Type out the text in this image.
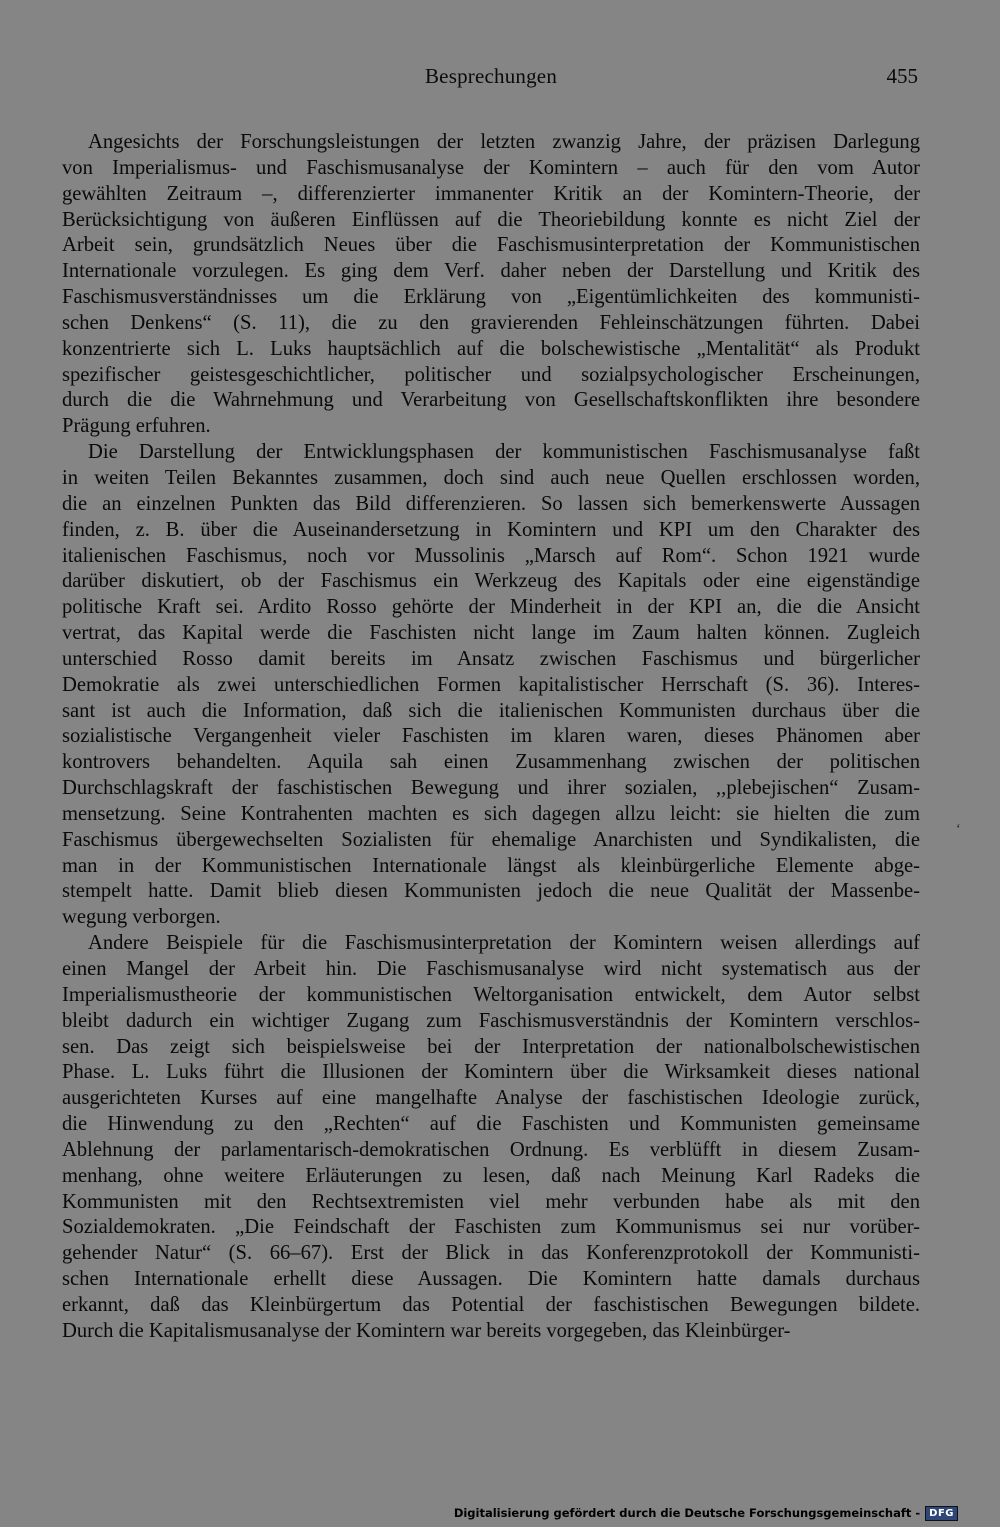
Besprechungen	455
Angesichts der Forschungsleistungen der letzten zwanzig Jahre, der präzisen Darlegung
von Imperialismus- und Faschismusanalyse der Komintern – auch für den vom Autor
gewählten Zeitraum –, differenzierter immanenter Kritik an der Komintern-Theorie, der
Berücksichtigung von äußeren Einflüssen auf die Theoriebildung konnte es nicht Ziel der
Arbeit sein, grundsätzlich Neues über die Faschismusinterpretation der Kommunistischen
Internationale vorzulegen. Es ging dem Verf. daher neben der Darstellung und Kritik des
Faschismusverständnisses um die Erklärung von „Eigentümlichkeiten des kommunisti-
schen Denkens“ (S. 11), die zu den gravierenden Fehleinschätzungen führten. Dabei
konzentrierte sich L. Luks hauptsächlich auf die bolschewistische „Mentalität“ als Produkt
spezifischer geistesgeschichtlicher, politischer und sozialpsychologischer Erscheinungen,
durch die die Wahrnehmung und Verarbeitung von Gesellschaftskonflikten ihre besondere
Prägung erfuhren.
Die Darstellung der Entwicklungsphasen der kommunistischen Faschismusanalyse faßt
in weiten Teilen Bekanntes zusammen, doch sind auch neue Quellen erschlossen worden,
die an einzelnen Punkten das Bild differenzieren. So lassen sich bemerkenswerte Aussagen
finden, z. B. über die Auseinandersetzung in Komintern und KPI um den Charakter des
italienischen Faschismus, noch vor Mussolinis „Marsch auf Rom“. Schon 1921 wurde
darüber diskutiert, ob der Faschismus ein Werkzeug des Kapitals oder eine eigenständige
politische Kraft sei. Ardito Rosso gehörte der Minderheit in der KPI an, die die Ansicht
vertrat, das Kapital werde die Faschisten nicht lange im Zaum halten können. Zugleich
unterschied Rosso damit bereits im Ansatz zwischen Faschismus und bürgerlicher
Demokratie als zwei unterschiedlichen Formen kapitalistischer Herrschaft (S. 36). Interes-
sant ist auch die Information, daß sich die italienischen Kommunisten durchaus über die
sozialistische Vergangenheit vieler Faschisten im klaren waren, dieses Phänomen aber
kontrovers behandelten. Aquila sah einen Zusammenhang zwischen der politischen
Durchschlagskraft der faschistischen Bewegung und ihrer sozialen, ,,plebejischen“ Zusam-
mensetzung. Seine Kontrahenten machten es sich dagegen allzu leicht: sie hielten die zum
Faschismus übergewechselten Sozialisten für ehemalige Anarchisten und Syndikalisten, die
man in der Kommunistischen Internationale längst als kleinbürgerliche Elemente abge-
stempelt hatte. Damit blieb diesen Kommunisten jedoch die neue Qualität der Massenbe-
wegung verborgen.
Andere Beispiele für die Faschismusinterpretation der Komintern weisen allerdings auf
einen Mangel der Arbeit hin. Die Faschismusanalyse wird nicht systematisch aus der
Imperialismustheorie der kommunistischen Weltorganisation entwickelt, dem Autor selbst
bleibt dadurch ein wichtiger Zugang zum Faschismusverständnis der Komintern verschlos-
sen. Das zeigt sich beispielsweise bei der Interpretation der nationalbolschewistischen
Phase. L. Luks führt die Illusionen der Komintern über die Wirksamkeit dieses national
ausgerichteten Kurses auf eine mangelhafte Analyse der faschistischen Ideologie zurück,
die Hinwendung zu den „Rechten“ auf die Faschisten und Kommunisten gemeinsame
Ablehnung der parlamentarisch-demokratischen Ordnung. Es verblüfft in diesem Zusam-
menhang, ohne weitere Erläuterungen zu lesen, daß nach Meinung Karl Radeks die
Kommunisten mit den Rechtsextremisten viel mehr verbunden habe als mit den
Sozialdemokraten. „Die Feindschaft der Faschisten zum Kommunismus sei nur vorüber-
gehender Natur“ (S. 66–67). Erst der Blick in das Konferenzprotokoll der Kommunisti-
schen Internationale erhellt diese Aussagen. Die Komintern hatte damals durchaus
erkannt, daß das Kleinbürgertum das Potential der faschistischen Bewegungen bildete.
Durch die Kapitalismusanalyse der Komintern war bereits vorgegeben, das Kleinbürger-
‘
Digitalisierung gefördert durch die Deutsche Forschungsgemeinschaft - DFG
